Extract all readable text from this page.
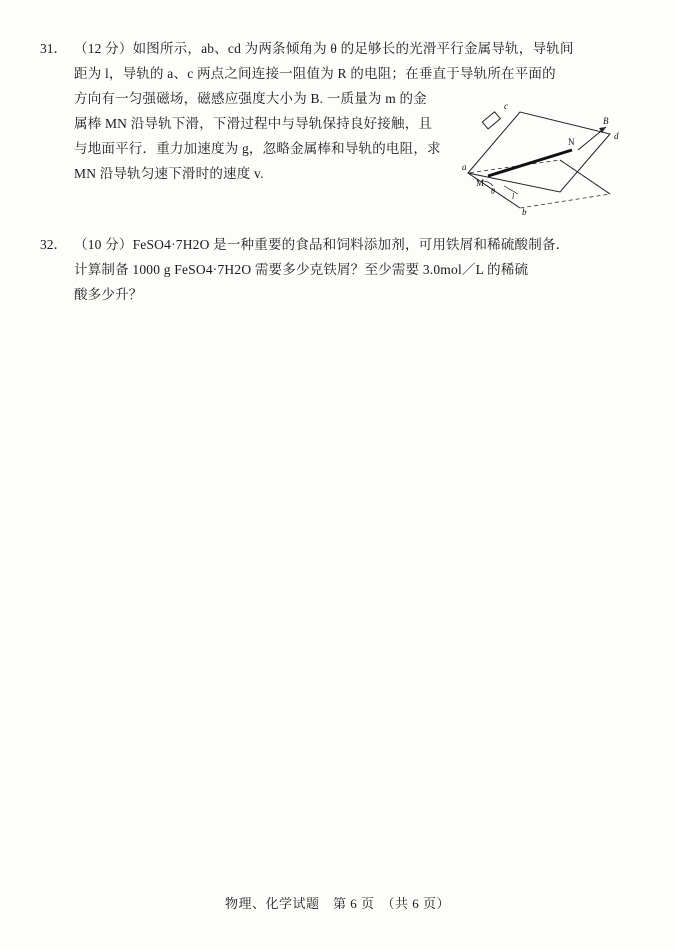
31． （12 分）如图所示，ab、cd 为两条倾角为 θ 的足够长的光滑平行金属导轨，导轨间
距为 l，导轨的 a、c 两点之间连接一阻值为 R 的电阻；在垂直于导轨所在平面的
方向有一匀强磁场，磁感应强度大小为 B. 一质量为 m 的金
属棒 MN 沿导轨下滑，下滑过程中与导轨保持良好接触，且
与地面平行．重力加速度为 g，忽略金属棒和导轨的电阻，求
MN 沿导轨匀速下滑时的速度 v.	a
b
c
d
M
N
B
θ
l
32． （10 分）FeSO4·7H2O 是一种重要的食品和饲料添加剂，可用铁屑和稀硫酸制备．
计算制备 1000 g FeSO4·7H2O 需要多少克铁屑？至少需要 3.0mol／L 的稀硫
酸多少升？
物理、化学试题　第 6 页　（共 6 页）
